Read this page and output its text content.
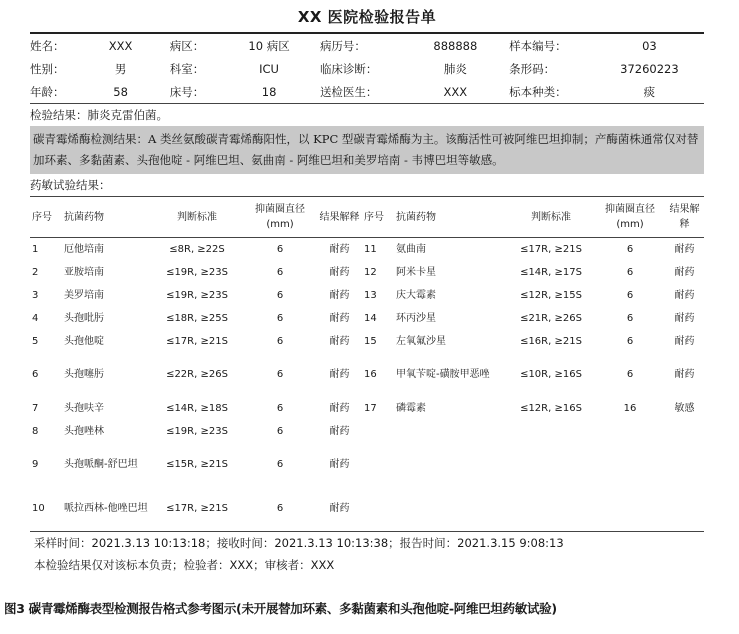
XX 医院检验报告单
姓名：	XXX	病区：	10 病区	病历号：	888888	样本编号：	03
性别：	男	科室：	ICU	临床诊断：	肺炎	条形码：	37260223
年龄：	58	床号：	18	送检医生：	XXX	标本种类：	痰
检验结果：肺炎克雷伯菌。
碳青霉烯酶检测结果：A 类丝氨酸碳青霉烯酶阳性，以 KPC 型碳青霉烯酶为主。该酶活性可被阿维巴坦抑制；产酶菌株通常仅对替加环素、多黏菌素、头孢他啶 - 阿维巴坦、氨曲南 - 阿维巴坦和美罗培南 - 韦博巴坦等敏感。
药敏试验结果：
序号	抗菌药物	判断标准	抑菌圈直径(mm)	结果解释	序号	抗菌药物	判断标准	抑菌圈直径(mm)	结果解释

1	厄他培南	≤8R, ≥22S	6	耐药	11	氨曲南	≤17R, ≥21S	6	耐药
2	亚胺培南	≤19R, ≥23S	6	耐药	12	阿米卡星	≤14R, ≥17S	6	耐药
3	美罗培南	≤19R, ≥23S	6	耐药	13	庆大霉素	≤12R, ≥15S	6	耐药
4	头孢吡肟	≤18R, ≥25S	6	耐药	14	环丙沙星	≤21R, ≥26S	6	耐药
5	头孢他啶	≤17R, ≥21S	6	耐药	15	左氧氟沙星	≤16R, ≥21S	6	耐药
6	头孢噻肟	≤22R, ≥26S	6	耐药	16	甲氧苄啶-磺胺甲恶唑	≤10R, ≥16S	6	耐药
7	头孢呋辛	≤14R, ≥18S	6	耐药	17	磷霉素	≤12R, ≥16S	16	敏感
8	头孢唑林	≤19R, ≥23S	6	耐药					
9	头孢哌酮-舒巴坦	≤15R, ≥21S	6	耐药					
10	哌拉西林-他唑巴坦	≤17R, ≥21S	6	耐药					
采样时间：2021.3.13 10:13:18；接收时间：2021.3.13 10:13:38；报告时间：2021.3.15 9:08:13
本检验结果仅对该标本负责；检验者：XXX；审核者：XXX
图3 碳青霉烯酶表型检测报告格式参考图示(未开展替加环素、多黏菌素和头孢他啶-阿维巴坦药敏试验)
